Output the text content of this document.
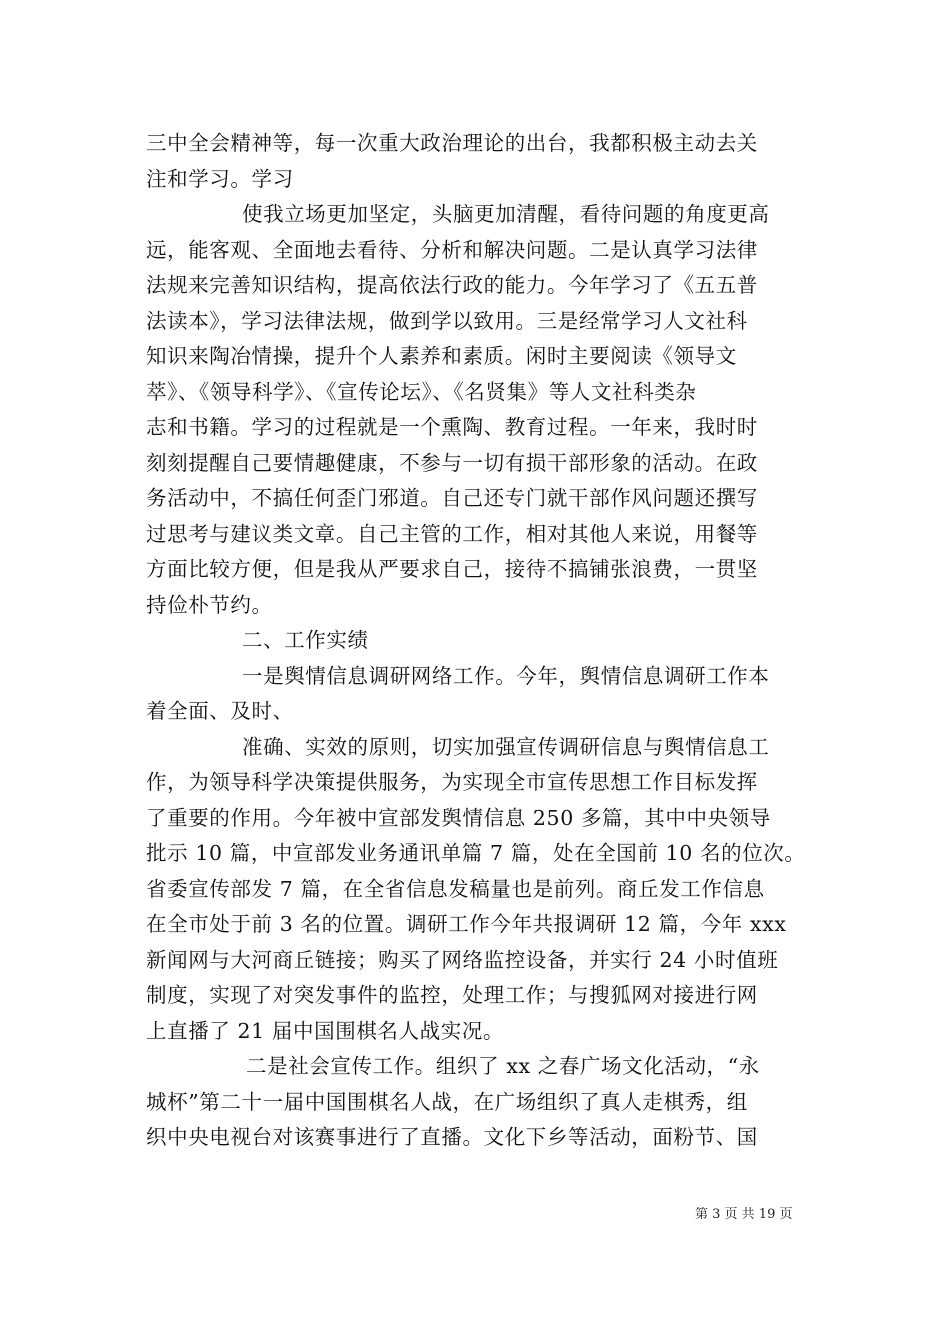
三中全会精神等，每一次重大政治理论的出台，我都积极主动去关
注和学习。学习
使我立场更加坚定，头脑更加清醒，看待问题的角度更高
远，能客观、全面地去看待、分析和解决问题。二是认真学习法律
法规来完善知识结构，提高依法行政的能力。今年学习了《五五普
法读本》，学习法律法规，做到学以致用。三是经常学习人文社科
知识来陶冶情操，提升个人素养和素质。闲时主要阅读《领导文
萃》、《领导科学》、《宣传论坛》、《名贤集》等人文社科类杂
志和书籍。学习的过程就是一个熏陶、教育过程。一年来，我时时
刻刻提醒自己要情趣健康，不参与一切有损干部形象的活动。在政
务活动中，不搞任何歪门邪道。自己还专门就干部作风问题还撰写
过思考与建议类文章。自己主管的工作，相对其他人来说，用餐等
方面比较方便，但是我从严要求自己，接待不搞铺张浪费，一贯坚
持俭朴节约。
二、工作实绩
一是舆情信息调研网络工作。今年，舆情信息调研工作本
着全面、及时、
准确、实效的原则，切实加强宣传调研信息与舆情信息工
作，为领导科学决策提供服务，为实现全市宣传思想工作目标发挥
了重要的作用。今年被中宣部发舆情信息 250 多篇，其中中央领导
批示 10 篇，中宣部发业务通讯单篇 7 篇，处在全国前 10 名的位次。
省委宣传部发 7 篇，在全省信息发稿量也是前列。商丘发工作信息
在全市处于前 3 名的位置。调研工作今年共报调研 12 篇，今年 xxx
新闻网与大河商丘链接；购买了网络监控设备，并实行 24 小时值班
制度，实现了对突发事件的监控，处理工作；与搜狐网对接进行网
上直播了 21 届中国围棋名人战实况。
二是社会宣传工作。组织了 xx 之春广场文化活动，“永
城杯”第二十一届中国围棋名人战，在广场组织了真人走棋秀，组
织中央电视台对该赛事进行了直播。文化下乡等活动，面粉节、国
第 3 页 共 19 页
